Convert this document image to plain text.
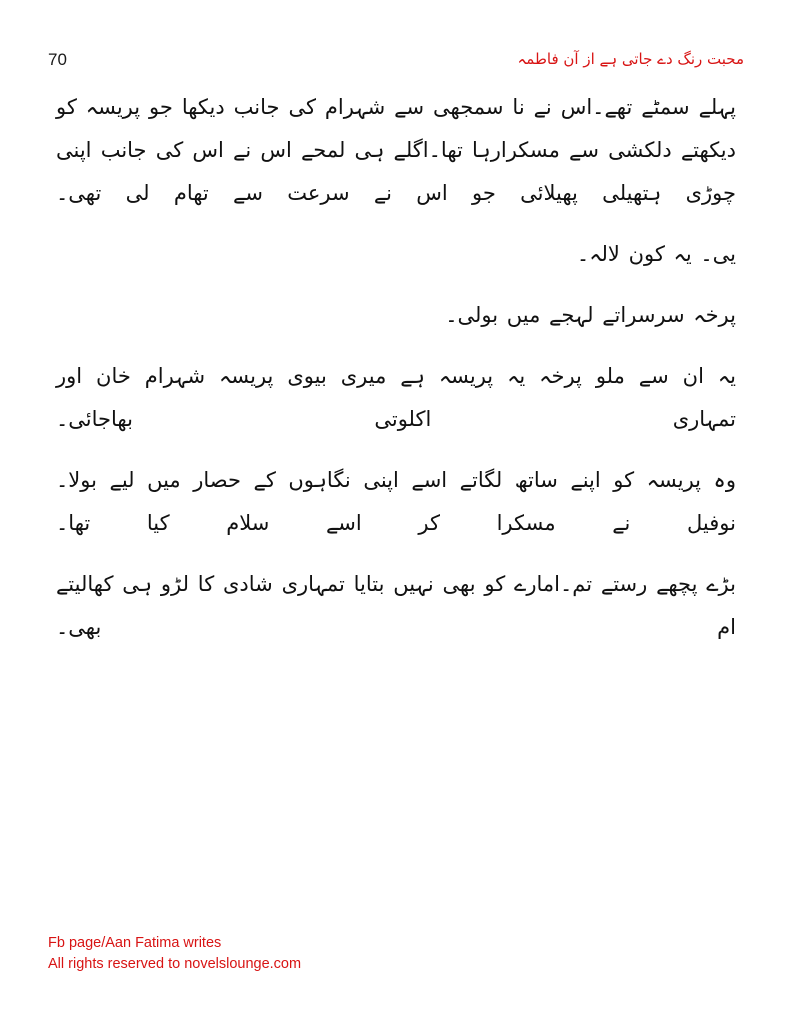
70	محبت رنگ دے جاتی ہے از آن فاطمہ

پہلے سمٹے تھے۔اس نے نا سمجھی سے شہرام کی جانب دیکھا جو پریسہ کو دیکھتے دلکشی سے مسکرارہا تھا۔اگلے ہی لمحے اس نے اس کی جانب اپنی چوڑی ہتھیلی پھیلائی جو اس نے سرعت سے تھام لی تھی۔

یی۔ یہ کون لالہ۔

پرخہ سرسراتے لہجے میں بولی۔

یہ ان سے ملو پرخہ یہ پریسہ ہے میری بیوی پریسہ شہرام خان اور تمہاری اکلوتی بھاجائی۔

وہ پریسہ کو اپنے ساتھ لگاتے اسے اپنی نگاہوں کے حصار میں لیے بولا۔ نوفیل نے مسکرا کر اسے سلام کیا تھا۔

بڑے پچھے رستے تم۔امارے کو بھی نہیں بتایا تمہاری شادی کا لڑو ہی کھالیتے ام بھی۔

Fb page/Aan Fatima writes
All rights reserved to novelslounge.com
